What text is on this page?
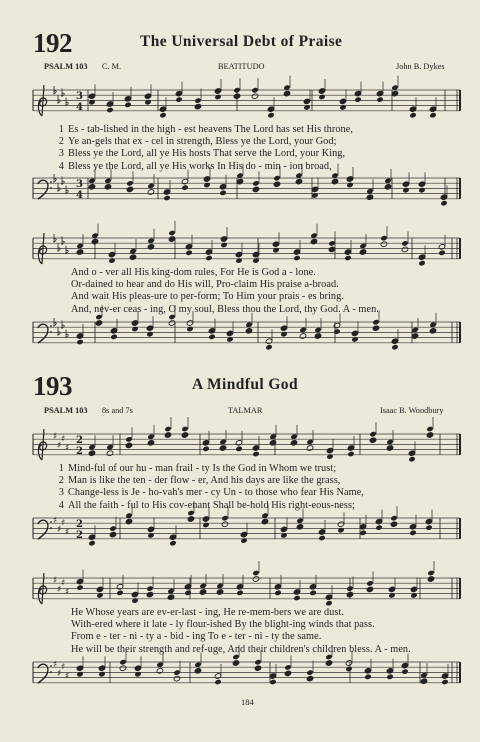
192	The Universal Debt of Praise
PSALM 103 C. M.	BEATITUDO	John B. Dykes
3
4
1 Es - tab-lished in the high - est heavens The Lord has set His throne,
2 Ye an-gels that ex - cel in strength, Bless ye the Lord, your God;
3 Bless ye the Lord, all ye His hosts That serve the Lord, your King,
4 Bless ye the Lord, all ye His works In His do - min - ion broad,
3
4
And o - ver all His king-dom rules, For He is God a - lone.
Or-dained to hear and do His will, Pro-claim His praise a-broad.
And wait His pleas-ure to per-form; To Him your prais - es bring.
And, nev-er ceas - ing, O my soul, Bless thou the Lord, thy God. A - men.
193	A Mindful God
PSALM 103 8s and 7s	TALMAR	Isaac B. Woodbury
♯
♯
♯
♯
2
2
1 Mind-ful of our hu - man frail - ty Is the God in Whom we trust;
2 Man is like the ten - der flow - er, And his days are like the grass,
3 Change-less is Je - ho-vah's mer - cy Un - to those who fear His Name,
4 All the faith - ful to His cov-enant Shall be-hold His right-eous-ness;
♯
♯
♯
♯
2
2
♯
♯
♯
♯
He Whose years are ev-er-last - ing, He re-mem-bers we are dust.
With-ered where it late - ly flour-ished By the blight-ing winds that pass.
From e - ter - ni - ty a - bid - ing To e - ter - ni - ty the same.
He will be their strength and ref-uge, And their children's children bless. A - men.
♯
♯
♯
♯
184
